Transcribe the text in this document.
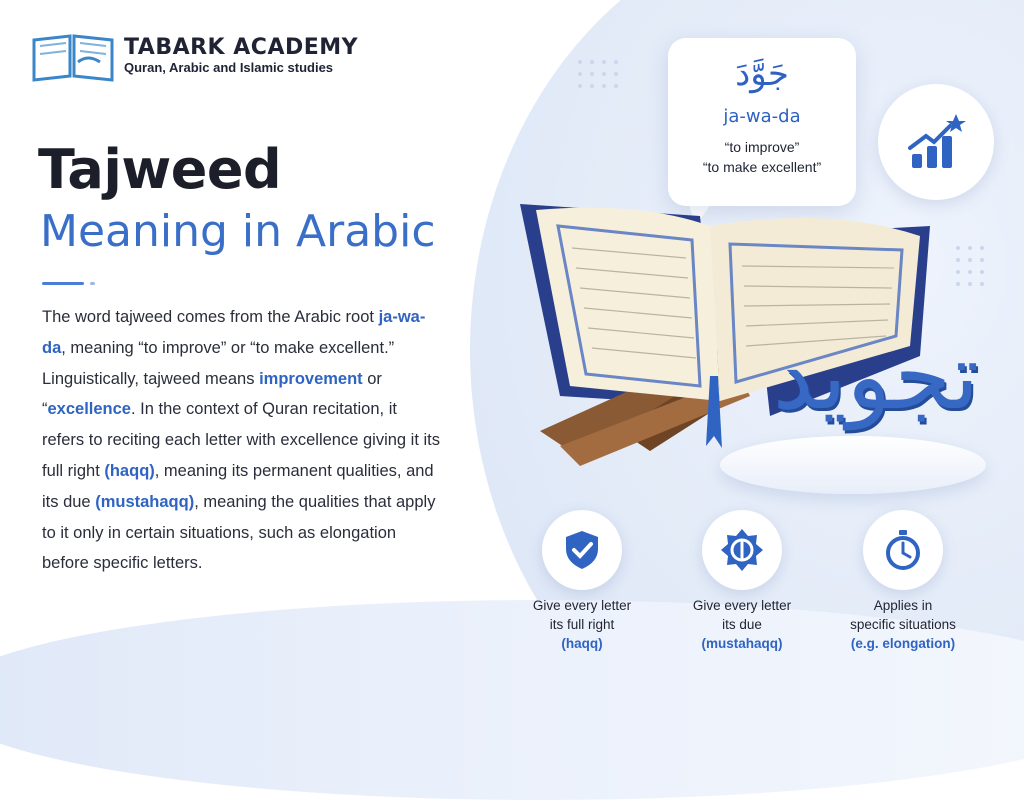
TABARK ACADEMY
Quran, Arabic and Islamic studies
Tajweed
Meaning in Arabic

The word tajweed comes from the Arabic root ja-wa-da, meaning “to improve” or “to make excellent.” Linguistically, tajweed means improvement or “excellence. In the context of Quran recitation, it refers to reciting each letter with excellence giving it its full right (haqq), meaning its permanent qualities, and its due (mustahaqq), meaning the qualities that apply to it only in certain situations, such as elongation before specific letters.

جَوَّدَ
ja-wa-da
“to improve”
“to make excellent”
تجويد
Give every letter
its full right
(haqq)
Give every letter
its due
(mustahaqq)
Applies in
specific situations
(e.g. elongation)
